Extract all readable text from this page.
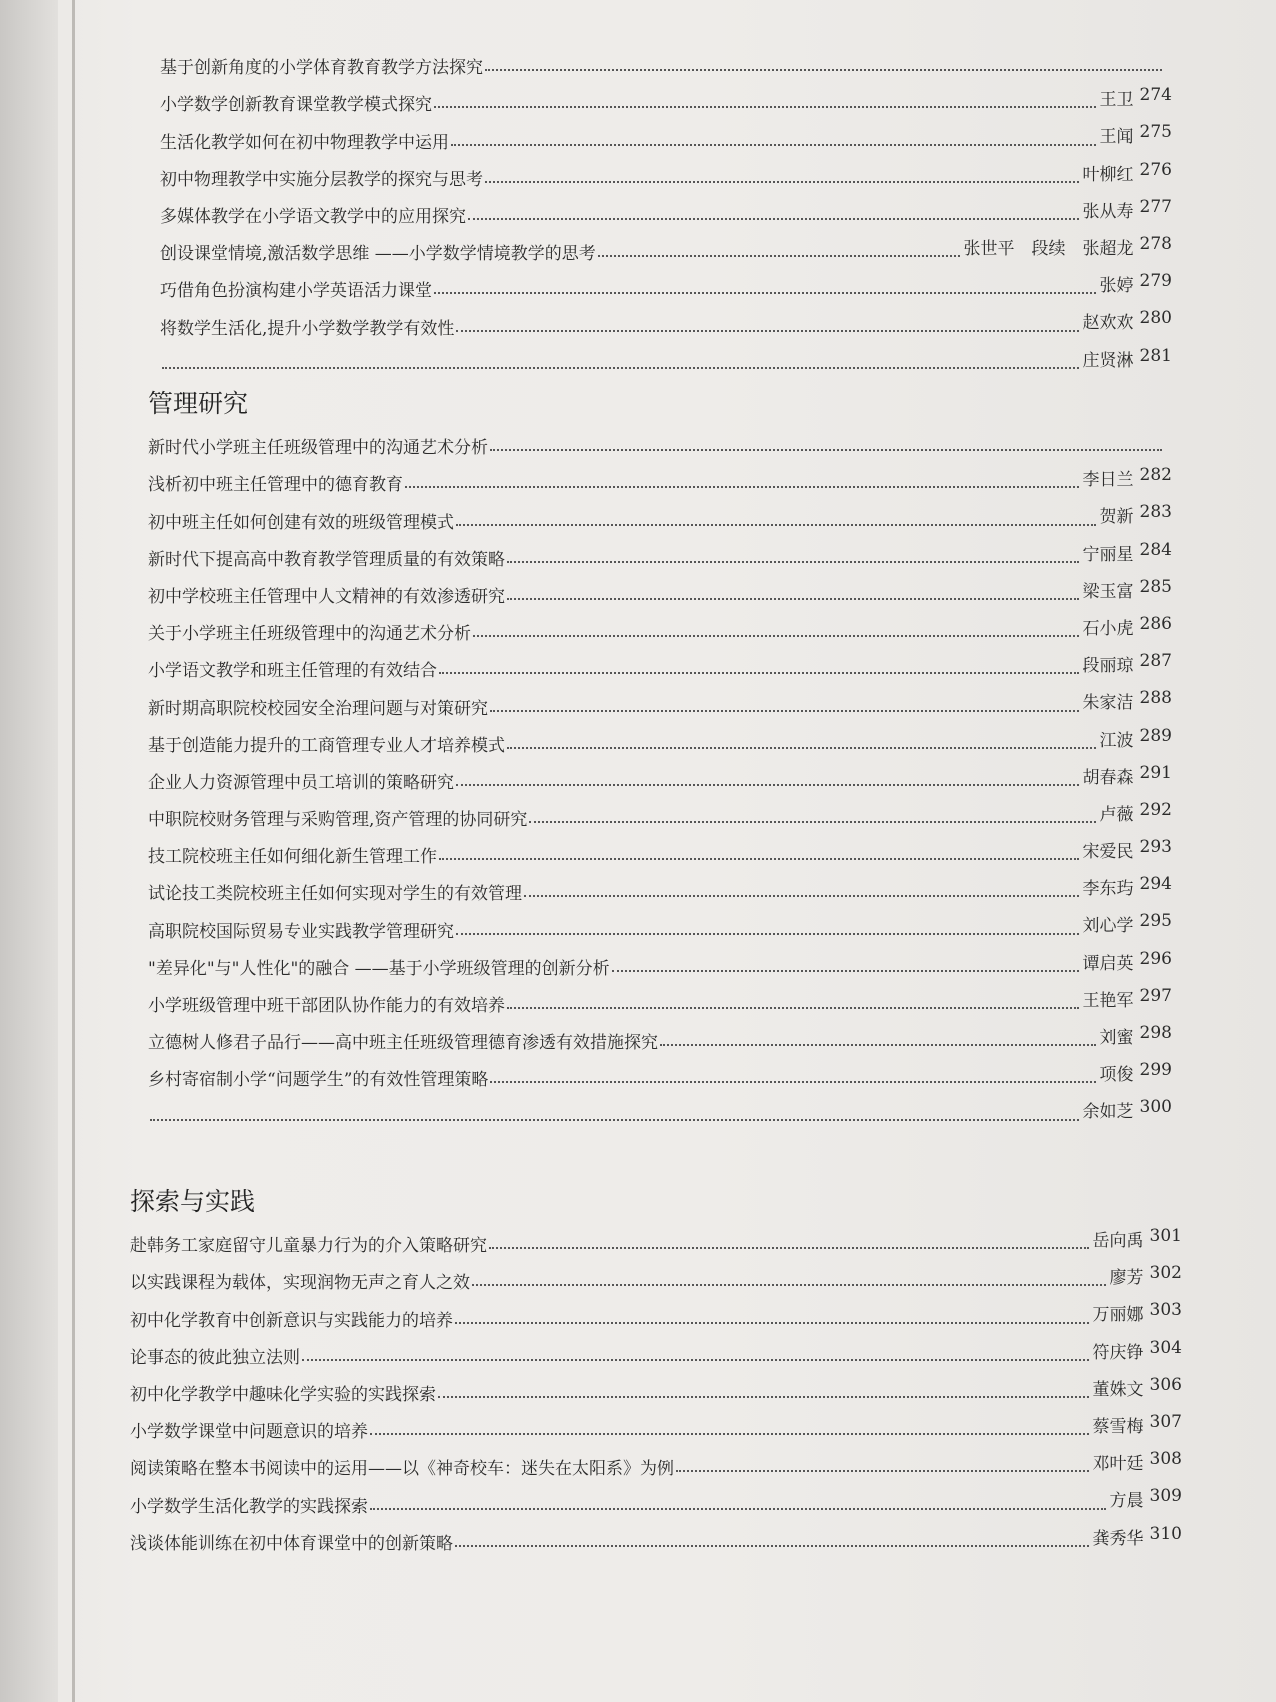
基于创新角度的小学体育教育教学方法探究
小学数学创新教育课堂教学模式探究	王卫 274
生活化教学如何在初中物理教学中运用	王闻 275
初中物理教学中实施分层教学的探究与思考	叶柳红 276
多媒体教学在小学语文教学中的应用探究	张从寿 277
创设课堂情境,激活数学思维 ——小学数学情境教学的思考	张世平　段续　张超龙 278
巧借角色扮演构建小学英语活力课堂	张婷 279
将数学生活化,提升小学数学教学有效性	赵欢欢 280
庄贤淋 281
管理研究
新时代小学班主任班级管理中的沟通艺术分析
浅析初中班主任管理中的德育教育	李日兰 282
初中班主任如何创建有效的班级管理模式	贺新 283
新时代下提高高中教育教学管理质量的有效策略	宁丽星 284
初中学校班主任管理中人文精神的有效渗透研究	梁玉富 285
关于小学班主任班级管理中的沟通艺术分析	石小虎 286
小学语文教学和班主任管理的有效结合	段丽琼 287
新时期高职院校校园安全治理问题与对策研究	朱家洁 288
基于创造能力提升的工商管理专业人才培养模式	江波 289
企业人力资源管理中员工培训的策略研究	胡春森 291
中职院校财务管理与采购管理,资产管理的协同研究	卢薇 292
技工院校班主任如何细化新生管理工作	宋爱民 293
试论技工类院校班主任如何实现对学生的有效管理	李东玙 294
高职院校国际贸易专业实践教学管理研究	刘心学 295
"差异化"与"人性化"的融合 ——基于小学班级管理的创新分析	谭启英 296
小学班级管理中班干部团队协作能力的有效培养	王艳军 297
立德树人修君子品行——高中班主任班级管理德育渗透有效措施探究	刘蜜 298
乡村寄宿制小学“问题学生”的有效性管理策略	项俊 299
余如芝 300
探索与实践
赴韩务工家庭留守儿童暴力行为的介入策略研究	岳向禹 301
以实践课程为载体，实现润物无声之育人之效	廖芳 302
初中化学教育中创新意识与实践能力的培养	万丽娜 303
论事态的彼此独立法则	符庆铮 304
初中化学教学中趣味化学实验的实践探索	董姝文 306
小学数学课堂中问题意识的培养	蔡雪梅 307
阅读策略在整本书阅读中的运用——以《神奇校车：迷失在太阳系》为例	邓叶廷 308
小学数学生活化教学的实践探索	方晨 309
浅谈体能训练在初中体育课堂中的创新策略	龚秀华 310
